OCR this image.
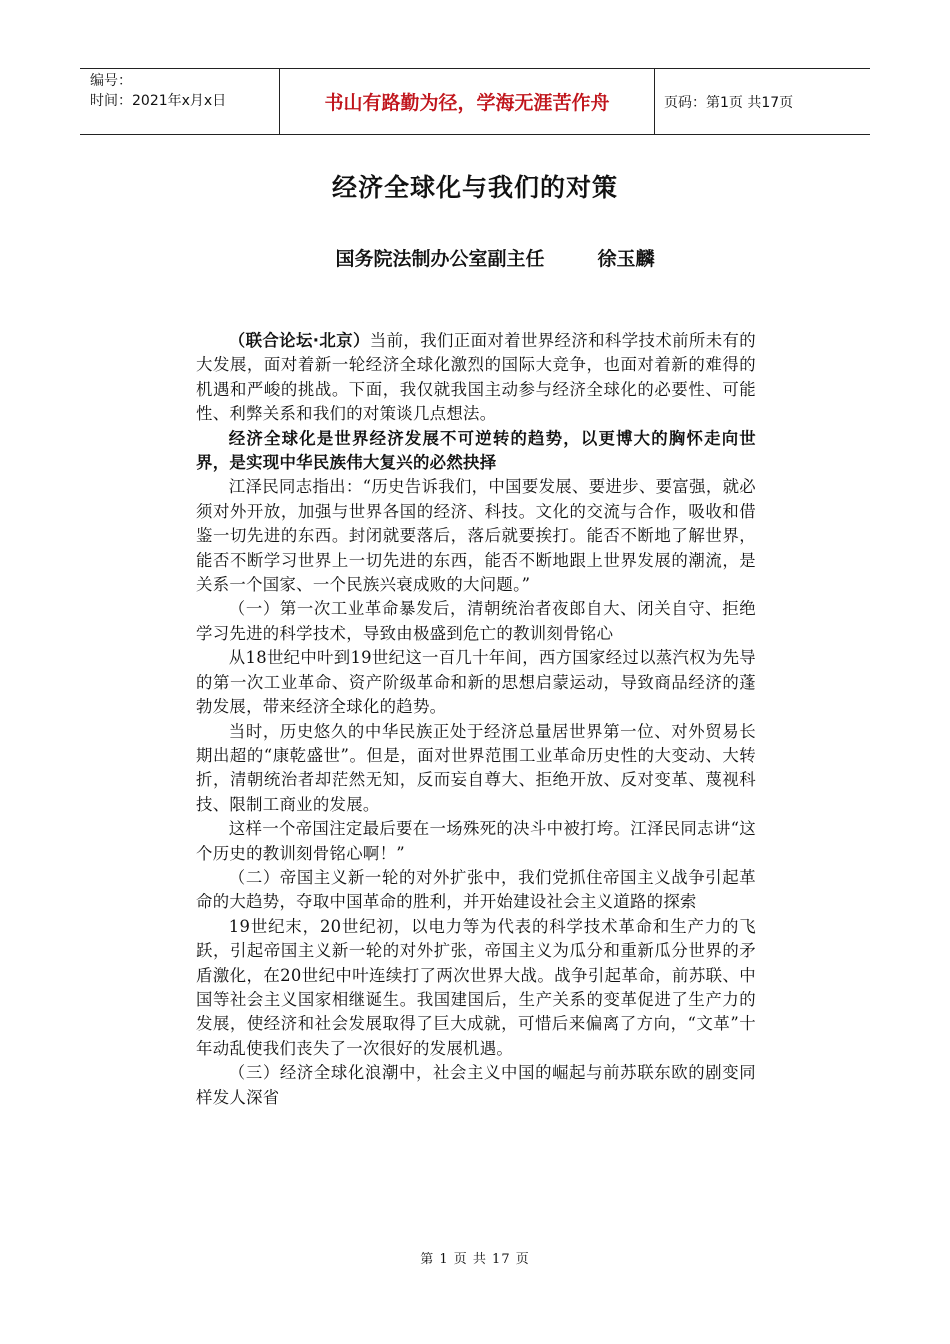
编号：
时间：2021年x月x日	书山有路勤为径，学海无涯苦作舟	页码：第1页 共17页
经济全球化与我们的对策
国务院法制办公室副主任        徐玉麟

（联合论坛·北京）当前，我们正面对着世界经济和科学技术前所未有的大发展，面对着新一轮经济全球化激烈的国际大竞争，也面对着新的难得的机遇和严峻的挑战。下面，我仅就我国主动参与经济全球化的必要性、可能性、利弊关系和我们的对策谈几点想法。

经济全球化是世界经济发展不可逆转的趋势，以更博大的胸怀走向世界，是实现中华民族伟大复兴的必然抉择

江泽民同志指出：“历史告诉我们，中国要发展、要进步、要富强，就必须对外开放，加强与世界各国的经济、科技。文化的交流与合作，吸收和借鉴一切先进的东西。封闭就要落后，落后就要挨打。能否不断地了解世界，能否不断学习世界上一切先进的东西，能否不断地跟上世界发展的潮流，是关系一个国家、一个民族兴衰成败的大问题。”

（一）第一次工业革命暴发后，清朝统治者夜郎自大、闭关自守、拒绝学习先进的科学技术，导致由极盛到危亡的教训刻骨铭心

从18世纪中叶到19世纪这一百几十年间，西方国家经过以蒸汽权为先导的第一次工业革命、资产阶级革命和新的思想启蒙运动，导致商品经济的蓬勃发展，带来经济全球化的趋势。

当时，历史悠久的中华民族正处于经济总量居世界第一位、对外贸易长期出超的“康乾盛世”。但是，面对世界范围工业革命历史性的大变动、大转折，清朝统治者却茫然无知，反而妄自尊大、拒绝开放、反对变革、蔑视科技、限制工商业的发展。

这样一个帝国注定最后要在一场殊死的决斗中被打垮。江泽民同志讲“这个历史的教训刻骨铭心啊！”

（二）帝国主义新一轮的对外扩张中，我们党抓住帝国主义战争引起革命的大趋势，夺取中国革命的胜利，并开始建设社会主义道路的探索

19世纪末，20世纪初，以电力等为代表的科学技术革命和生产力的飞跃，引起帝国主义新一轮的对外扩张，帝国主义为瓜分和重新瓜分世界的矛盾激化，在20世纪中叶连续打了两次世界大战。战争引起革命，前苏联、中国等社会主义国家相继诞生。我国建国后，生产关系的变革促进了生产力的发展，使经济和社会发展取得了巨大成就，可惜后来偏离了方向，“文革”十年动乱使我们丧失了一次很好的发展机遇。

（三）经济全球化浪潮中，社会主义中国的崛起与前苏联东欧的剧变同样发人深省

第 1 页 共 17 页
